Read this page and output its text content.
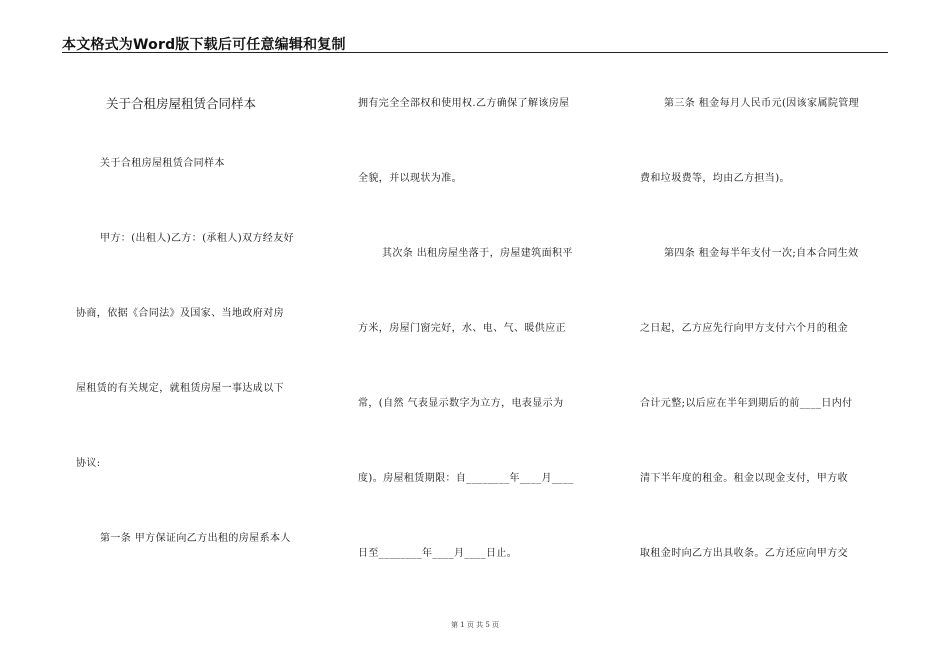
本文格式为Word版下载后可任意编辑和复制
关于合租房屋租赁合同样本
关于合租房屋租赁合同样本
甲方：(出租人)乙方：(承租人)双方经友好
协商，依据《合同法》及国家、当地政府对房
屋租赁的有关规定，就租赁房屋一事达成以下
协议:
第一条 甲方保证向乙方出租的房屋系本人
拥有完全全部权和使用权.乙方确保了解该房屋
全貌，并以现状为准。
其次条 出租房屋坐落于，房屋建筑面积平
方米，房屋门窗完好，水、电、气、暖供应正
常，(自然 气表显示数字为立方，电表显示为
度)。房屋租赁期限：自________年____月____
日至________年____月____日止。
第三条 租金每月人民币元(因该家属院管理
费和垃圾费等，均由乙方担当)。
第四条 租金每半年支付一次;自本合同生效
之日起，乙方应先行向甲方支付六个月的租金
合计元整;以后应在半年到期后的前____日内付
清下半年度的租金。租金以现金支付，甲方收
取租金时向乙方出具收条。乙方还应向甲方交
第 1 页 共 5 页
